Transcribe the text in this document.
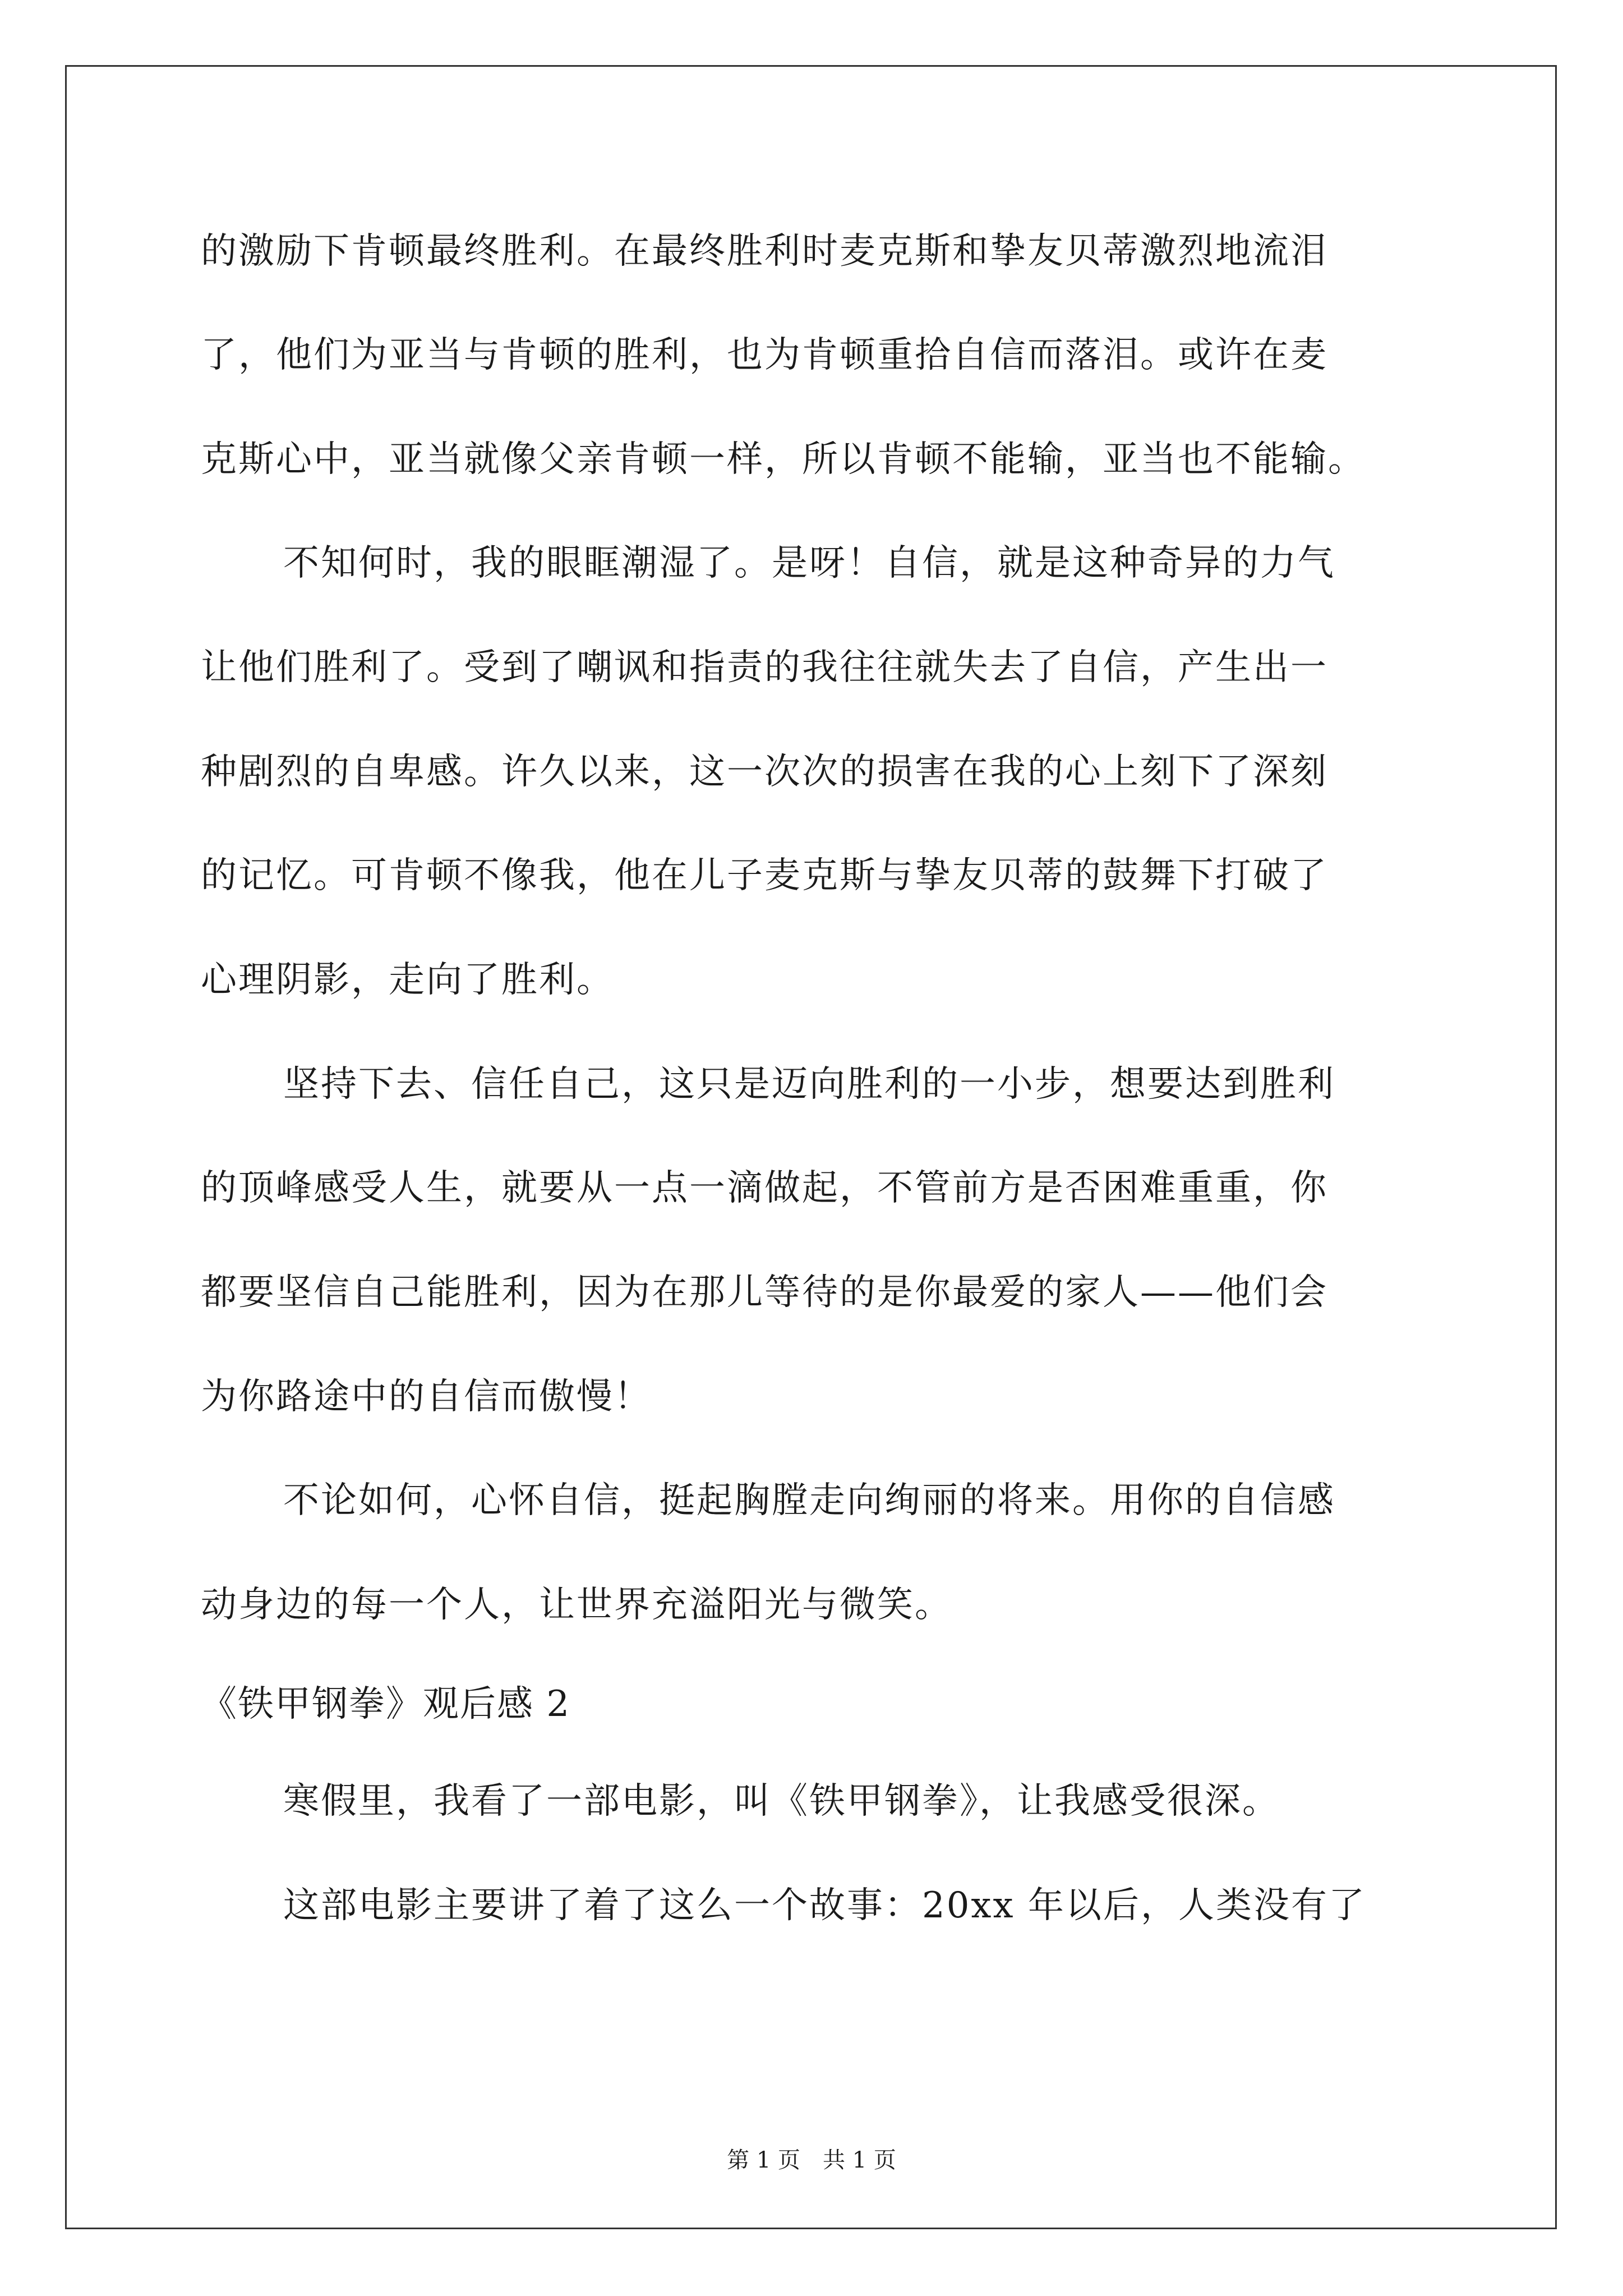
的激励下肯顿最终胜利。在最终胜利时麦克斯和挚友贝蒂激烈地流泪
了，他们为亚当与肯顿的胜利，也为肯顿重拾自信而落泪。或许在麦
克斯心中，亚当就像父亲肯顿一样，所以肯顿不能输，亚当也不能输。
不知何时，我的眼眶潮湿了。是呀！自信，就是这种奇异的力气
让他们胜利了。受到了嘲讽和指责的我往往就失去了自信，产生出一
种剧烈的自卑感。许久以来，这一次次的损害在我的心上刻下了深刻
的记忆。可肯顿不像我，他在儿子麦克斯与挚友贝蒂的鼓舞下打破了
心理阴影，走向了胜利。
坚持下去、信任自己，这只是迈向胜利的一小步，想要达到胜利
的顶峰感受人生，就要从一点一滴做起，不管前方是否困难重重，你
都要坚信自己能胜利，因为在那儿等待的是你最爱的家人——他们会
为你路途中的自信而傲慢！
不论如何，心怀自信，挺起胸膛走向绚丽的将来。用你的自信感
动身边的每一个人，让世界充溢阳光与微笑。
《铁甲钢拳》观后感 2
寒假里，我看了一部电影，叫《铁甲钢拳》，让我感受很深。
这部电影主要讲了着了这么一个故事：20xx 年以后，人类没有了
第 1 页　共 1 页
